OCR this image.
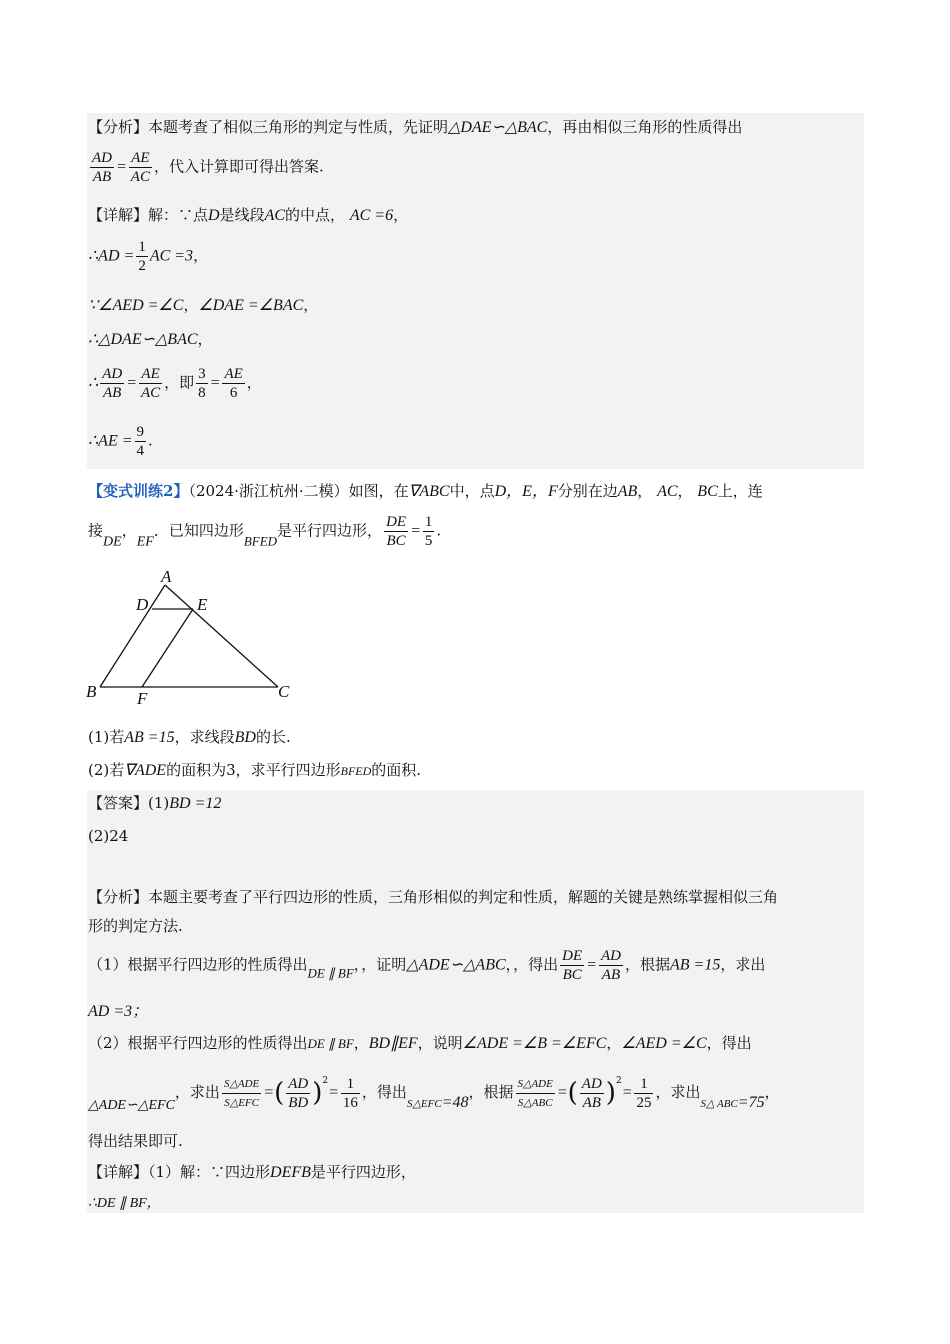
【分析】本题考查了相似三角形的判定与性质，先证明△DAE∽△BAC，再由相似三角形的性质得出
$\frac{AD}{AB} = \frac{AE}{AC}$ ，代入计算即可得出答案.
【详解】解：∵点D是线段AC的中点， AC =6，
∴AD = $\frac{1}{2}$ AC =3，
∵∠AED =∠C，∠DAE =∠BAC，
∴△DAE∽△BAC，
∴ $\frac{AD}{AB} = \frac{AE}{AC}$ ，即 $\frac{3}{8} = \frac{AE}{6}$ ，
∴AE = $\frac{9}{4}$ .
【变式训练2】（2024·浙江杭州·二模）如图，在∇ABC中，点D，E，F分别在边AB， AC， BC上，连
接DE，EF．已知四边形BFED是平行四边形， $\frac{DE}{BC} = \frac{1}{5}$ .
A
D	E
B F	C
(1)若AB =15，求线段BD的长.
(2)若∇ADE的面积为3，求平行四边形BFED的面积.
【答案】(1)BD =12
(2)24
【分析】本题主要考查了平行四边形的性质，三角形相似的判定和性质，解题的关键是熟练掌握相似三角
形的判定方法.
（1）根据平行四边形的性质得出DE ∥ BF，，证明△ADE∽△ABC，，得出 $\frac{DE}{BC} = \frac{AD}{AB}$ ，根据AB =15，求出
AD =3；
（2）根据平行四边形的性质得出DE ∥ BF，BD∥EF，说明∠ADE =∠B =∠EFC，∠AED =∠C，得出
△ADE∽△EFC，求出 $\frac{\text{S△ADE}}{\text{S△EFC}}$ =( $\frac{AD}{BD} )^2= \frac{1}{16}$ ，得出$_{S\triangle EFC}$=48，根据 $\frac{\text{S△ADE}}{\text{S△ABC}}$ =( $\frac{AD}{AB} )^2= \frac{1}{25}$ ，求出$_{S\triangle ABC}$=75，
得出结果即可.
【详解】（1）解：∵四边形DEFB是平行四边形，
∴DE ∥ BF，
